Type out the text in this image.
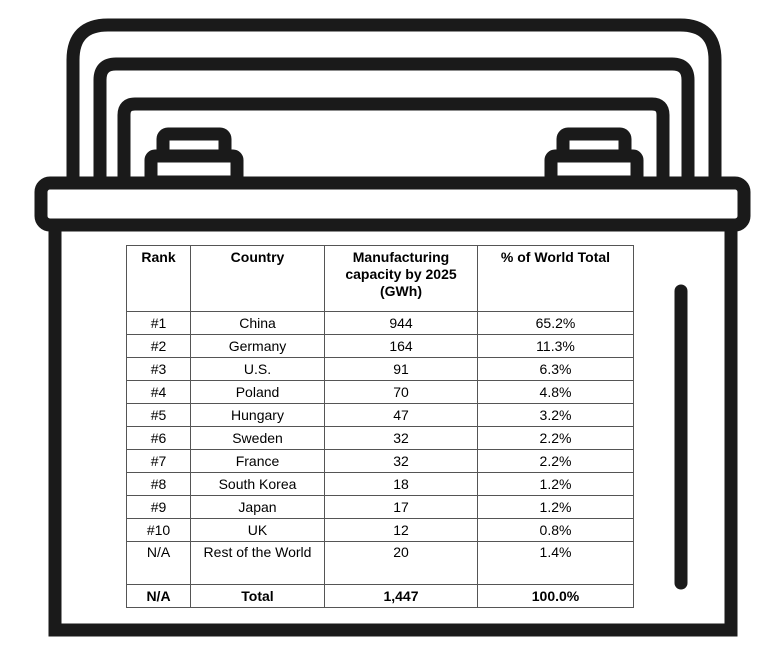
Rank	Country	Manufacturing capacity by 2025 (GWh)	% of World Total
#1	China	944	65.2%
#2	Germany	164	11.3%
#3	U.S.	91	6.3%
#4	Poland	70	4.8%
#5	Hungary	47	3.2%
#6	Sweden	32	2.2%
#7	France	32	2.2%
#8	South Korea	18	1.2%
#9	Japan	17	1.2%
#10	UK	12	0.8%
N/A	Rest of the World	20	1.4%
N/A	Total	1,447	100.0%
